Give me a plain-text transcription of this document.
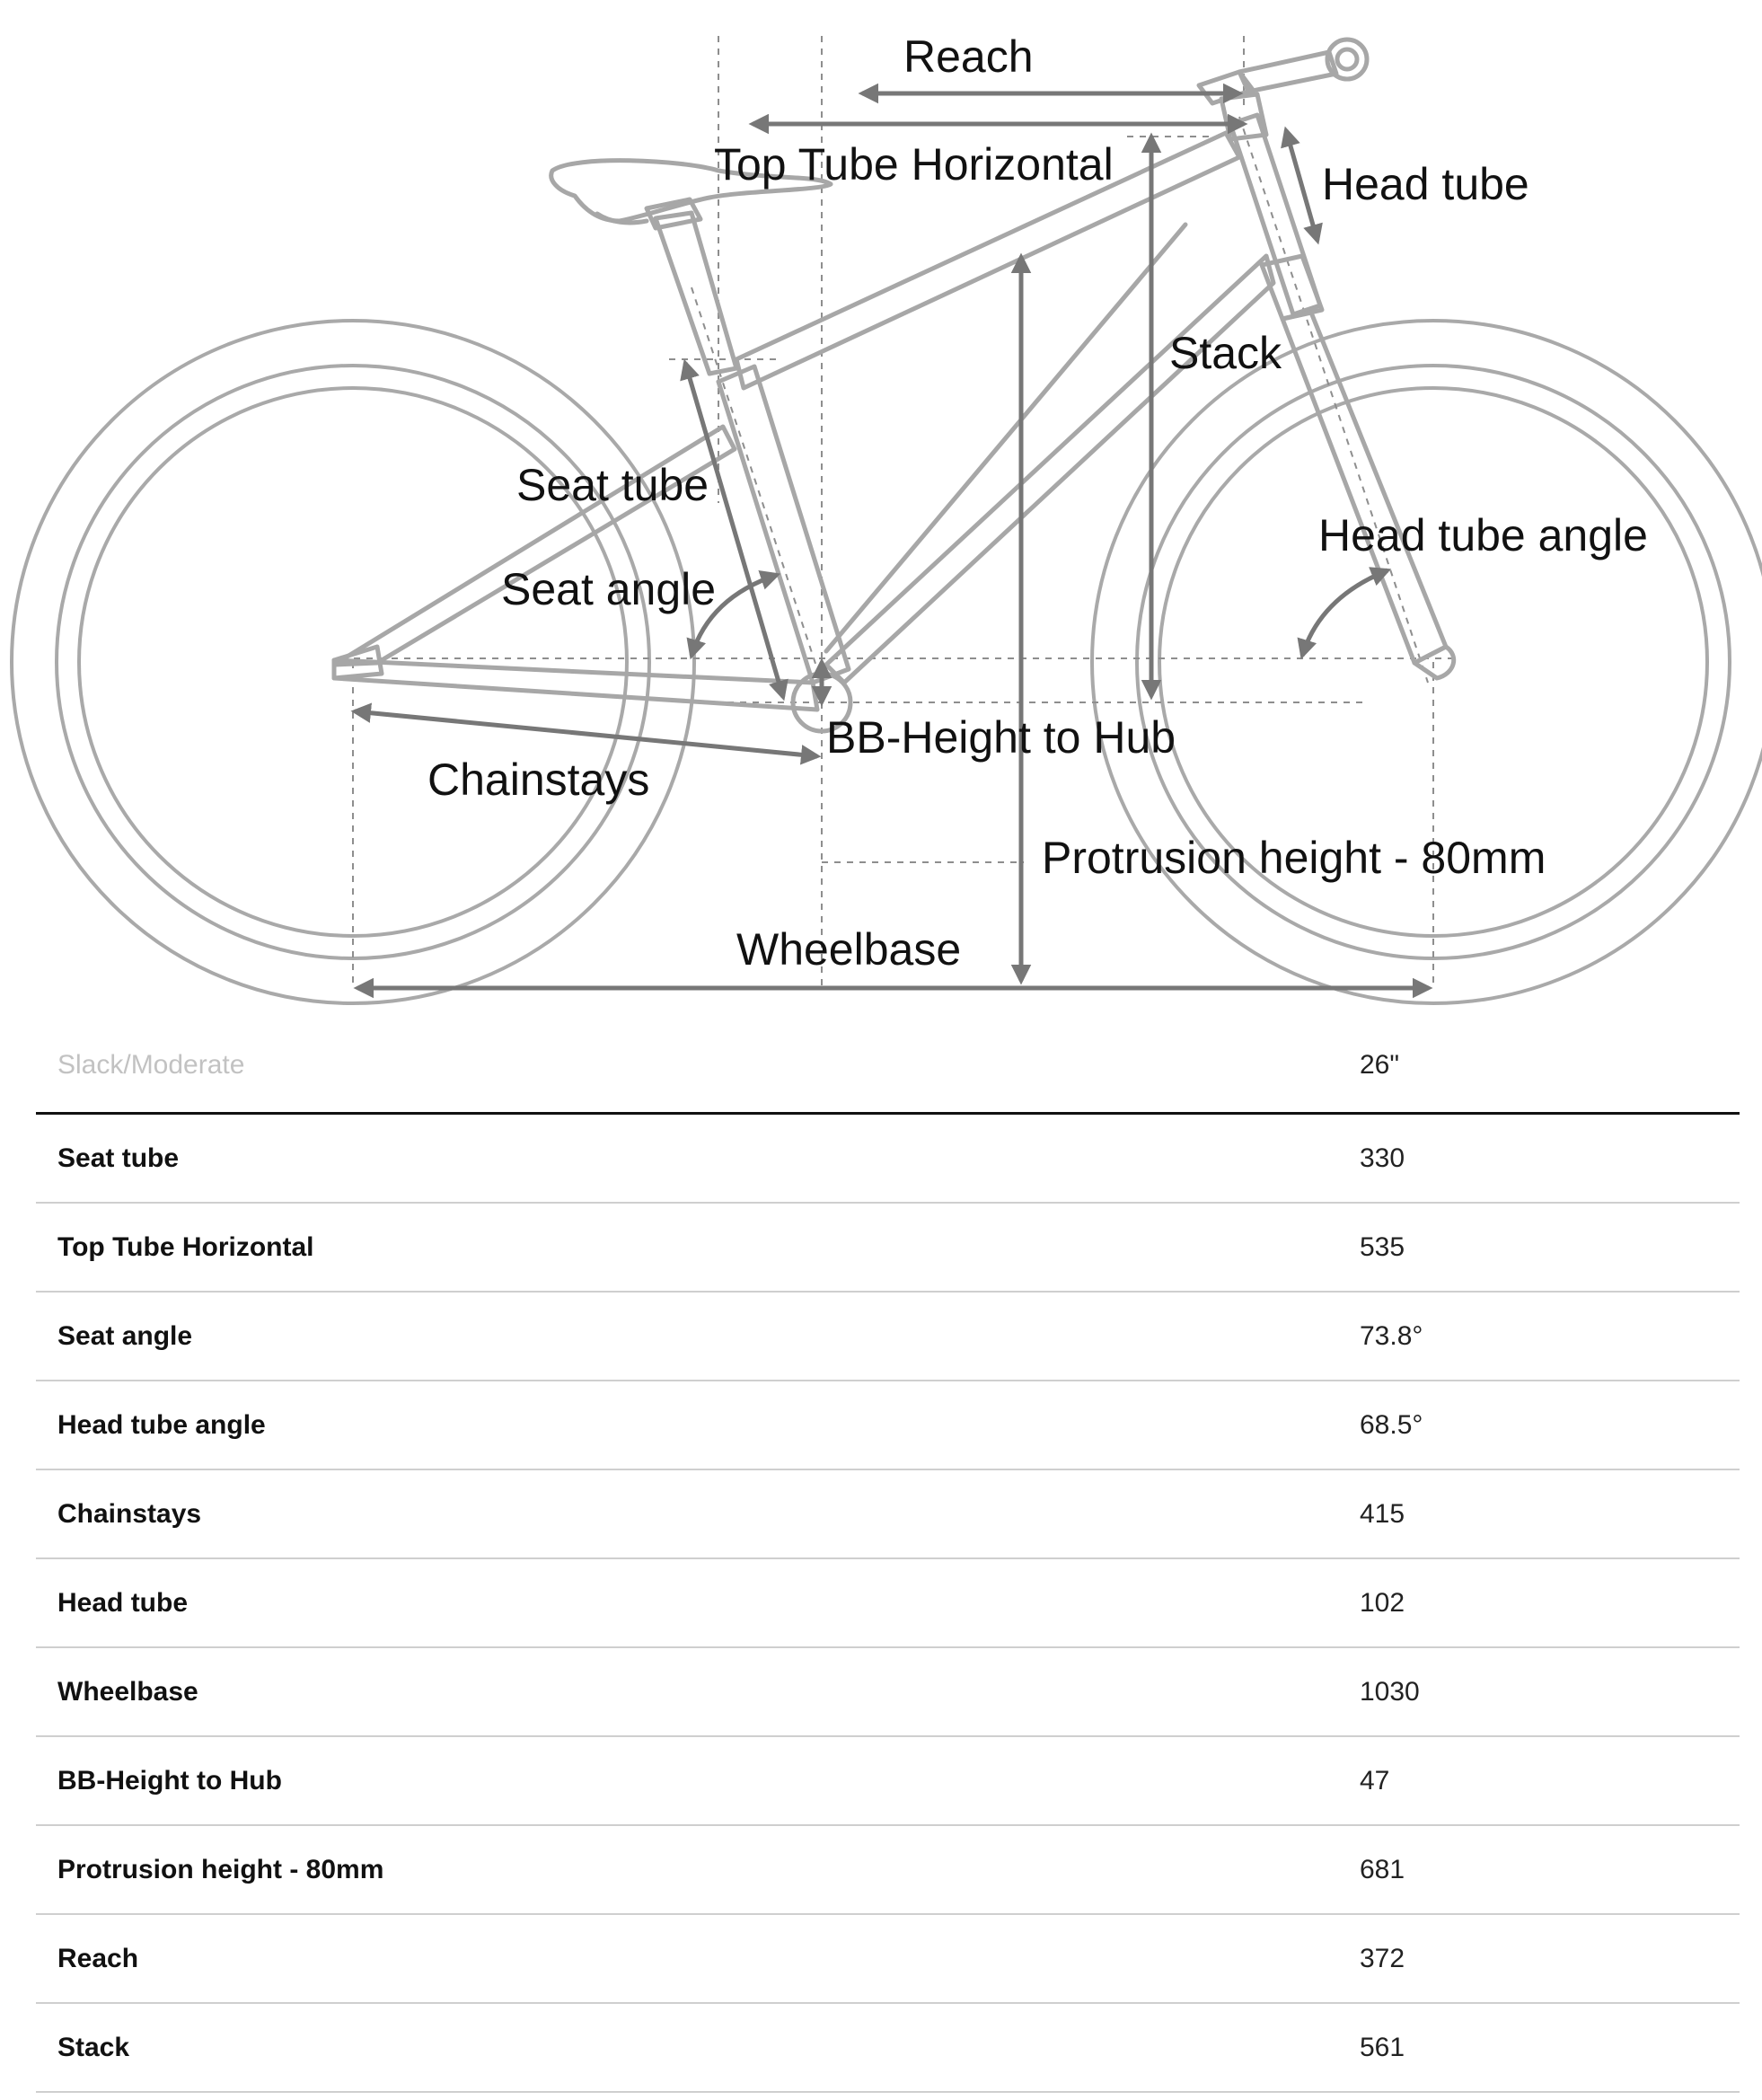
Reach
Top Tube Horizontal	Head tube
Stack
Seat tube
Seat angle
Head tube angle
BB-Height to Hub
Chainstays
Protrusion height - 80mm
Wheelbase
Slack/Moderate	26"
Seat tube	330
Top Tube Horizontal	535
Seat angle	73.8°
Head tube angle	68.5°
Chainstays	415
Head tube	102
Wheelbase	1030
BB-Height to Hub	47
Protrusion height - 80mm	681
Reach	372
Stack	561
